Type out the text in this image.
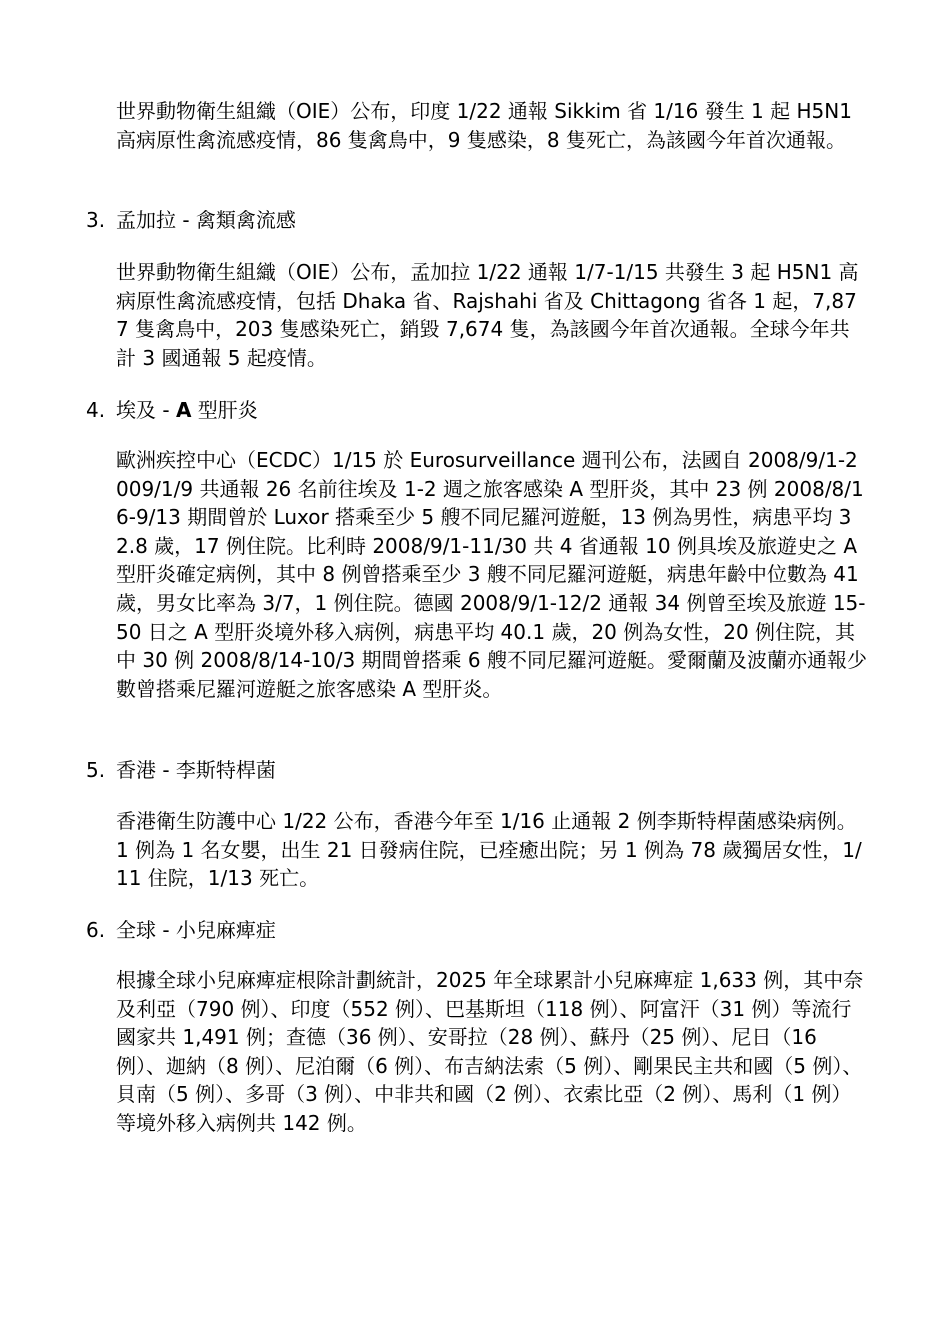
世界動物衛生組織（OIE）公布，印度 1/22 通報 Sikkim 省 1/16 發生 1 起 H5N1 高病原性禽流感疫情，86 隻禽鳥中，9 隻感染，8 隻死亡，為該國今年首次通報。

3. 孟加拉 - 禽類禽流感

世界動物衛生組織（OIE）公布，孟加拉 1/22 通報 1/7-1/15 共發生 3 起 H5N1 高病原性禽流感疫情，包括 Dhaka 省、Rajshahi 省及 Chittagong 省各 1 起，7,877 隻禽鳥中，203 隻感染死亡，銷毀 7,674 隻，為該國今年首次通報。全球今年共計 3 國通報 5 起疫情。

4. 埃及 - A 型肝炎

歐洲疾控中心（ECDC）1/15 於 Eurosurveillance 週刊公布，法國自 2008/9/1-2009/1/9 共通報 26 名前往埃及 1-2 週之旅客感染 A 型肝炎，其中 23 例 2008/8/16-9/13 期間曾於 Luxor 搭乘至少 5 艘不同尼羅河遊艇，13 例為男性，病患平均 32.8 歲，17 例住院。比利時 2008/9/1-11/30 共 4 省通報 10 例具埃及旅遊史之 A 型肝炎確定病例，其中 8 例曾搭乘至少 3 艘不同尼羅河遊艇，病患年齡中位數為 41 歲，男女比率為 3/7，1 例住院。德國 2008/9/1-12/2 通報 34 例曾至埃及旅遊 15-50 日之 A 型肝炎境外移入病例，病患平均 40.1 歲，20 例為女性，20 例住院，其中 30 例 2008/8/14-10/3 期間曾搭乘 6 艘不同尼羅河遊艇。愛爾蘭及波蘭亦通報少數曾搭乘尼羅河遊艇之旅客感染 A 型肝炎。

5. 香港 - 李斯特桿菌

香港衛生防護中心 1/22 公布，香港今年至 1/16 止通報 2 例李斯特桿菌感染病例。1 例為 1 名女嬰，出生 21 日發病住院，已痊癒出院；另 1 例為 78 歲獨居女性，1/11 住院，1/13 死亡。

6. 全球 - 小兒麻痺症

根據全球小兒麻痺症根除計劃統計，2025 年全球累計小兒麻痺症 1,633 例，其中奈及利亞（790 例）、印度（552 例）、巴基斯坦（118 例）、阿富汗（31 例）等流行國家共 1,491 例；查德（36 例）、安哥拉（28 例）、蘇丹（25 例）、尼日（16 例）、迦納（8 例）、尼泊爾（6 例）、布吉納法索（5 例）、剛果民主共和國（5 例）、貝南（5 例）、多哥（3 例）、中非共和國（2 例）、衣索比亞（2 例）、馬利（1 例）等境外移入病例共 142 例。
